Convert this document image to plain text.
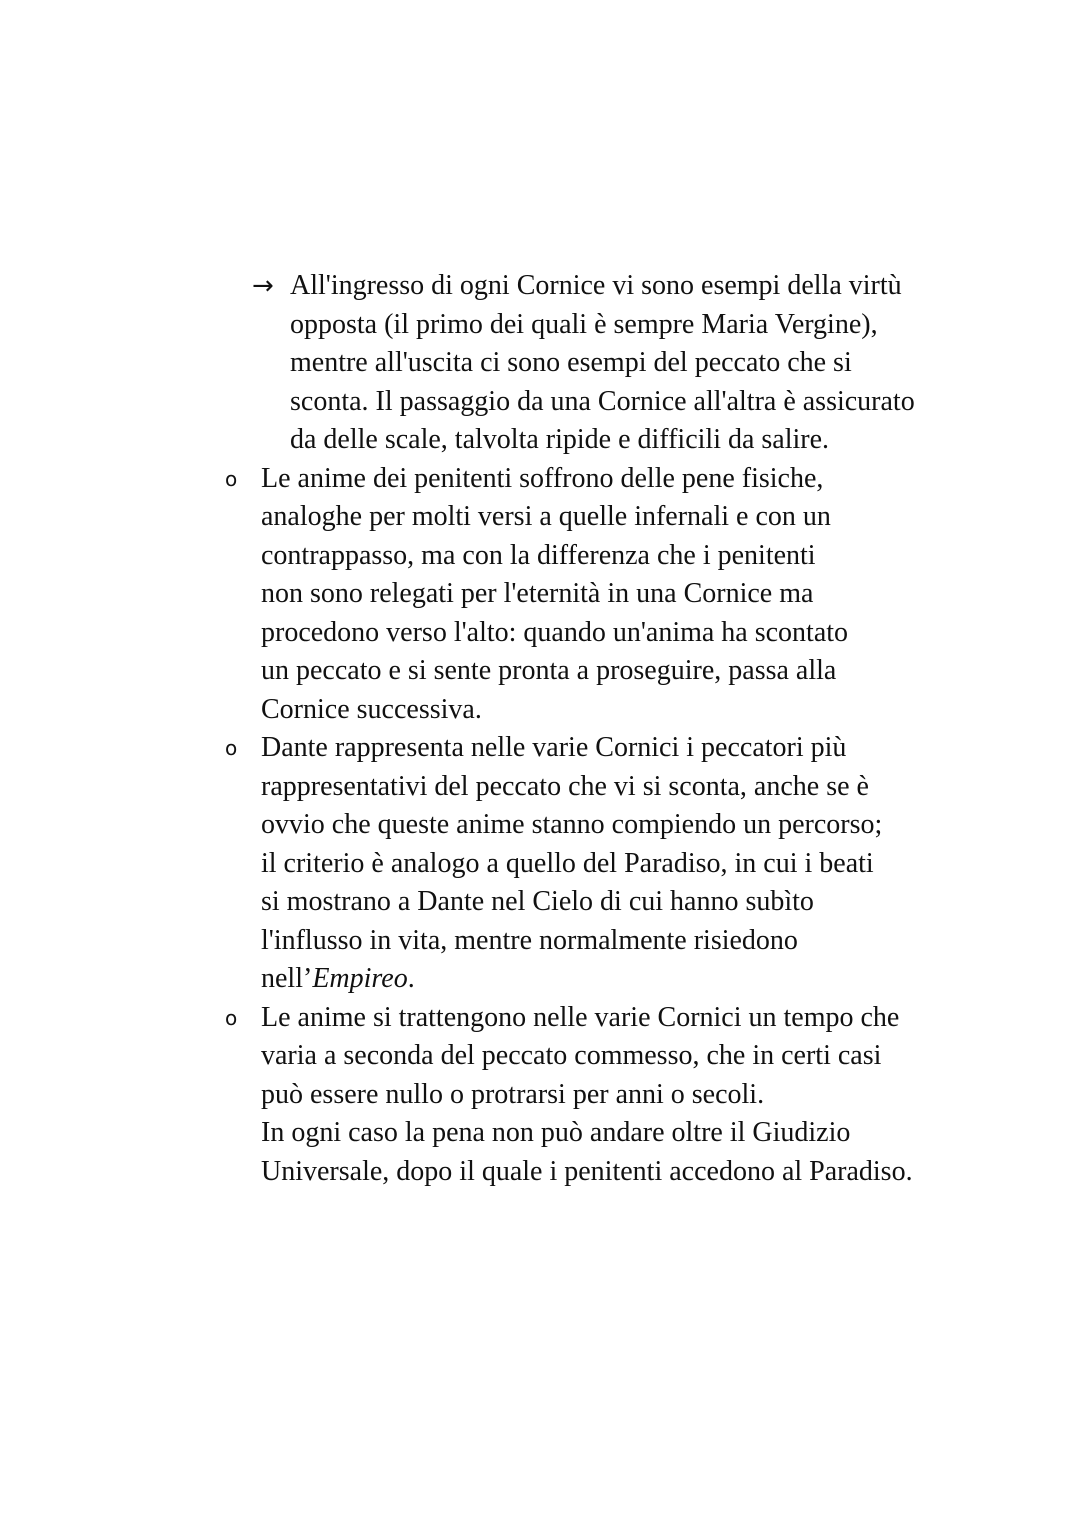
→ All'ingresso di ogni Cornice vi sono esempi della virtù
opposta (il primo dei quali è sempre Maria Vergine),
mentre all'uscita ci sono esempi del peccato che si
sconta. Il passaggio da una Cornice all'altra è assicurato
da delle scale, talvolta ripide e difficili da salire.
o Le anime dei penitenti soffrono delle pene fisiche,
analoghe per molti versi a quelle infernali e con un
contrappasso, ma con la differenza che i penitenti
non sono relegati per l'eternità in una Cornice ma
procedono verso l'alto: quando un'anima ha scontato
un peccato e si sente pronta a proseguire, passa alla
Cornice successiva.
o Dante rappresenta nelle varie Cornici i peccatori più
rappresentativi del peccato che vi si sconta, anche se è
ovvio che queste anime stanno compiendo un percorso;
il criterio è analogo a quello del Paradiso, in cui i beati
si mostrano a Dante nel Cielo di cui hanno subìto
l'influsso in vita, mentre normalmente risiedono
nell’Empireo.
o Le anime si trattengono nelle varie Cornici un tempo che
varia a seconda del peccato commesso, che in certi casi
può essere nullo o protrarsi per anni o secoli.
In ogni caso la pena non può andare oltre il Giudizio
Universale, dopo il quale i penitenti accedono al Paradiso.
